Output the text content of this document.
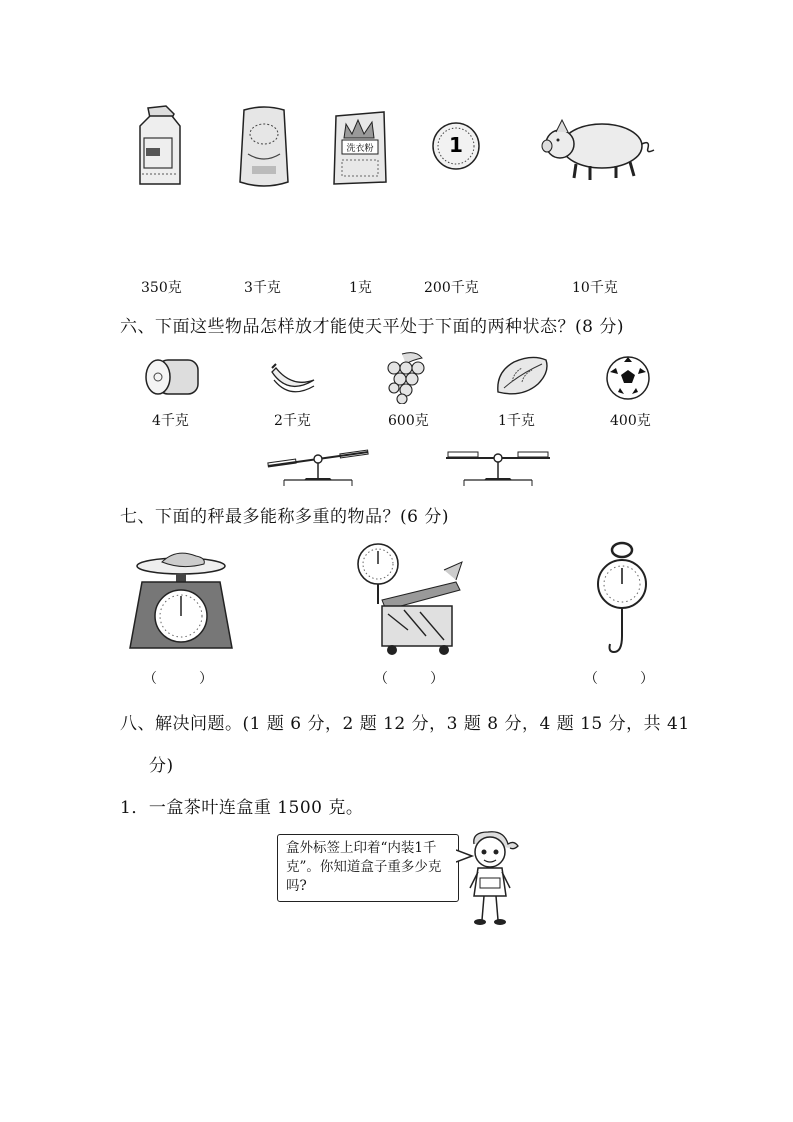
洗衣粉	1
350克	3千克	1克	200千克	10千克
六、下面这些物品怎样放才能使天平处于下面的两种状态？(8 分)
4千克	2千克	600克	1千克	400克
七、下面的秤最多能称多重的物品？(6 分)
（　　　）	（　　　）	（　　　）
八、解决问题。(1 题 6 分，2 题 12 分，3 题 8 分，4 题 15 分，共 41
分)
1．一盒茶叶连盒重 1500 克。
盒外标签上印着“内装1千克”。你知道盒子重多少克吗?
